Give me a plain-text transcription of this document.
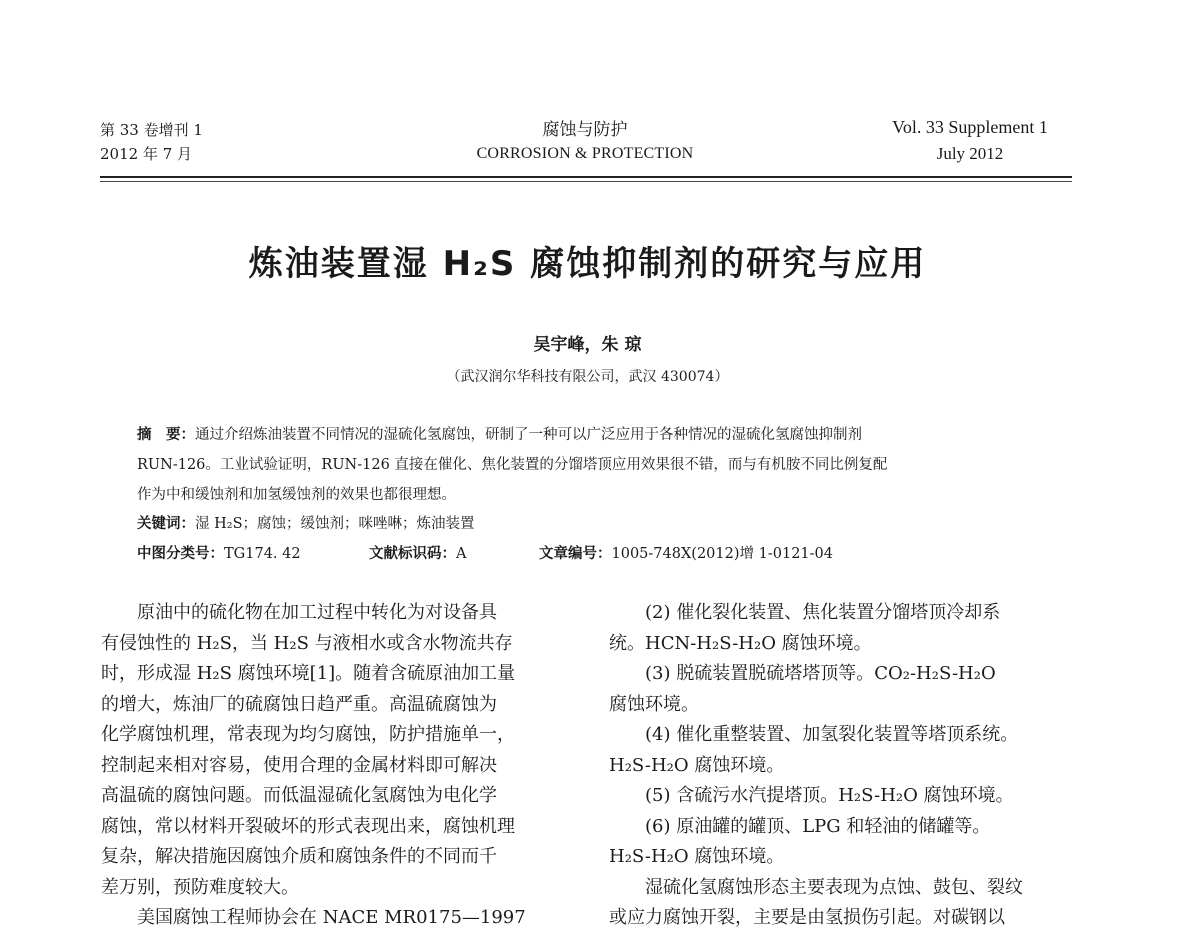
第 33 卷增刊 1
2012 年 7 月
腐蚀与防护
CORROSION & PROTECTION
Vol. 33 Supplement 1
July 2012
炼油装置湿 H₂S 腐蚀抑制剂的研究与应用
吴宇峰，朱 琼
（武汉润尔华科技有限公司，武汉 430074）
摘　要：通过介绍炼油装置不同情况的湿硫化氢腐蚀，研制了一种可以广泛应用于各种情况的湿硫化氢腐蚀抑制剂
RUN-126。工业试验证明，RUN-126 直接在催化、焦化装置的分馏塔顶应用效果很不错，而与有机胺不同比例复配
作为中和缓蚀剂和加氢缓蚀剂的效果也都很理想。
关键词：湿 H₂S；腐蚀；缓蚀剂；咪唑啉；炼油装置
中图分类号：TG174. 42	文献标识码：A	文章编号：1005-748X(2012)增 1-0121-04
　　原油中的硫化物在加工过程中转化为对设备具
有侵蚀性的 H₂S，当 H₂S 与液相水或含水物流共存
时，形成湿 H₂S 腐蚀环境[1]。随着含硫原油加工量
的增大，炼油厂的硫腐蚀日趋严重。高温硫腐蚀为
化学腐蚀机理，常表现为均匀腐蚀，防护措施单一，
控制起来相对容易，使用合理的金属材料即可解决
高温硫的腐蚀问题。而低温湿硫化氢腐蚀为电化学
腐蚀，常以材料开裂破坏的形式表现出来，腐蚀机理
复杂，解决措施因腐蚀介质和腐蚀条件的不同而千
差万别，预防难度较大。
　　美国腐蚀工程师协会在 NACE MR0175—1997
　　(2) 催化裂化装置、焦化装置分馏塔顶冷却系
统。HCN-H₂S-H₂O 腐蚀环境。
　　(3) 脱硫装置脱硫塔塔顶等。CO₂-H₂S-H₂O
腐蚀环境。
　　(4) 催化重整装置、加氢裂化装置等塔顶系统。
H₂S-H₂O 腐蚀环境。
　　(5) 含硫污水汽提塔顶。H₂S-H₂O 腐蚀环境。
　　(6) 原油罐的罐顶、LPG 和轻油的储罐等。
H₂S-H₂O 腐蚀环境。
　　湿硫化氢腐蚀形态主要表现为点蚀、鼓包、裂纹
或应力腐蚀开裂，主要是由氢损伤引起。对碳钢以
